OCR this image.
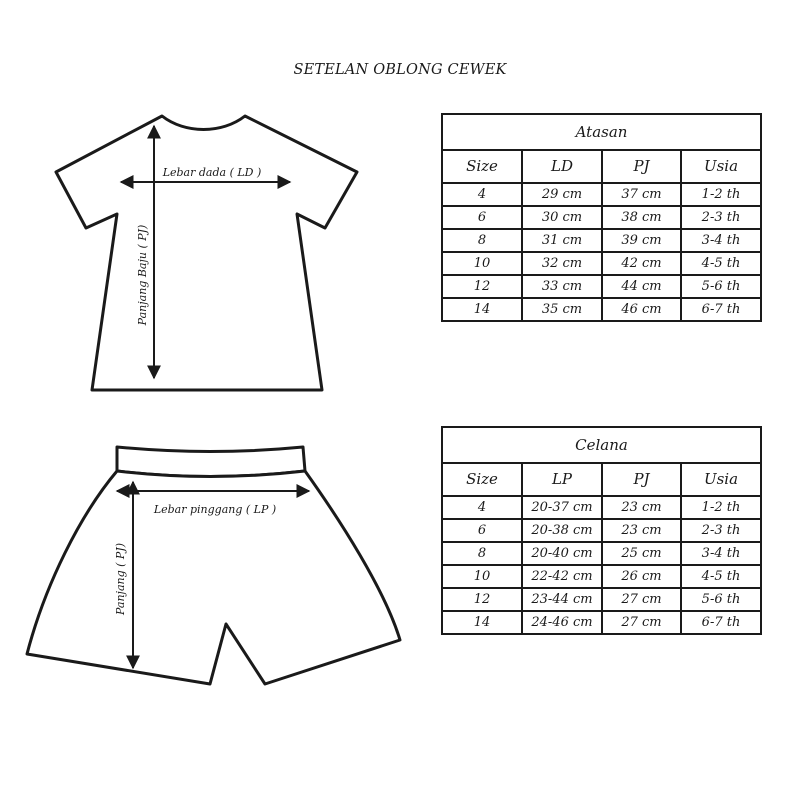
SETELAN OBLONG CEWEK
Lebar dada ( LD )
Panjang Baju ( PJ)
Lebar pinggang ( LP )
Panjang ( PJ)
Atasan			
Size	LD	PJ	Usia
4	29 cm	37 cm	1-2 th
6	30 cm	38 cm	2-3 th
8	31 cm	39 cm	3-4 th
10	32 cm	42 cm	4-5 th
12	33 cm	44 cm	5-6 th
14	35 cm	46 cm	6-7 th
Celana			
Size	LP	PJ	Usia
4	20-37 cm	23 cm	1-2 th
6	20-38 cm	23 cm	2-3 th
8	20-40 cm	25 cm	3-4 th
10	22-42 cm	26 cm	4-5 th
12	23-44 cm	27 cm	5-6 th
14	24-46 cm	27 cm	6-7 th
